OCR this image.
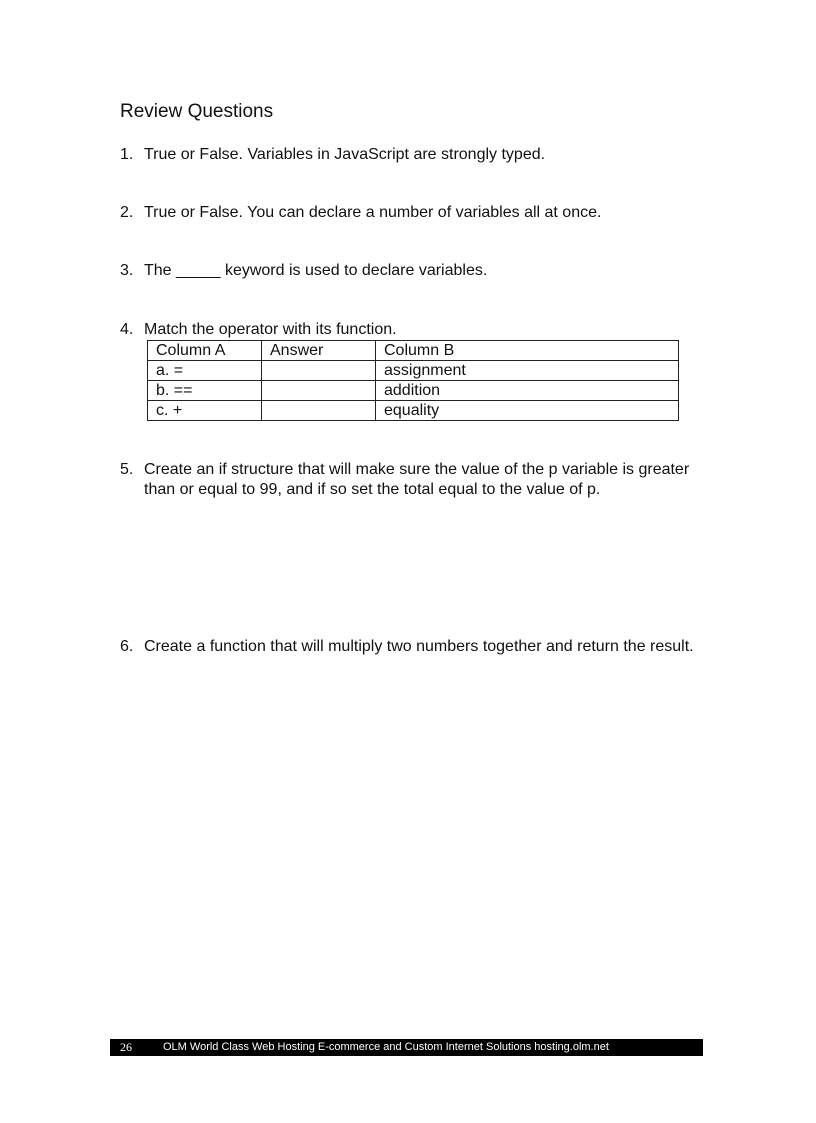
Review Questions
1. True or False. Variables in JavaScript are strongly typed.
2. True or False. You can declare a number of variables all at once.
3. The _____ keyword is used to declare variables.
4. Match the operator with its function.
Column A	Answer	Column B
a. =		assignment
b. ==		addition
c. +		equality
5. Create an if structure that will make sure the value of the p variable is greater than or equal to 99, and if so set the total equal to the value of p.
6. Create a function that will multiply two numbers together and return the result.
26	OLM World Class Web Hosting E-commerce and Custom Internet Solutions hosting.olm.net
